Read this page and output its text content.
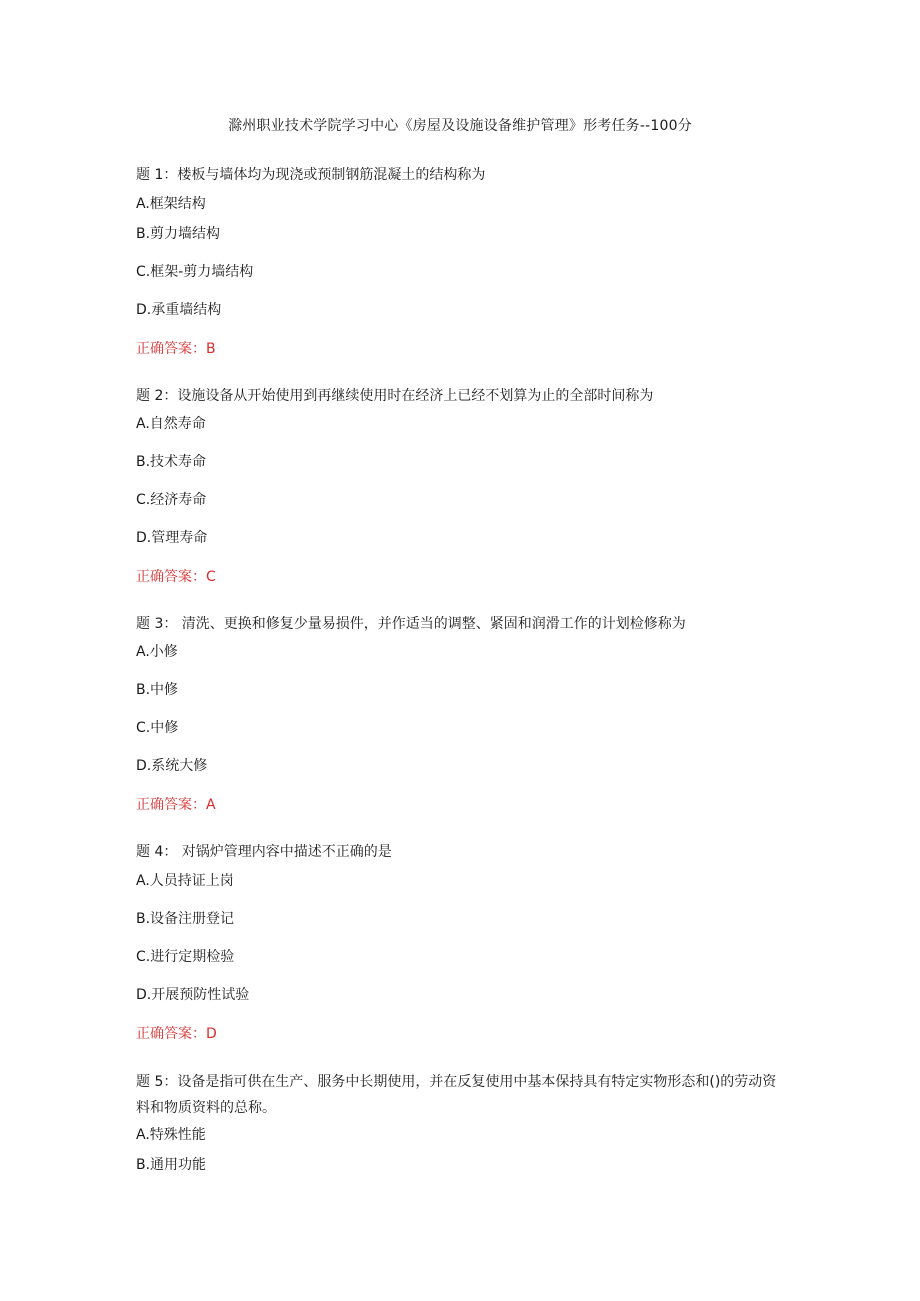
滁州职业技术学院学习中心《房屋及设施设备维护管理》形考任务--100分
题 1：楼板与墙体均为现浇或预制钢筋混凝土的结构称为
A.框架结构
B.剪力墙结构
C.框架-剪力墙结构
D.承重墙结构
正确答案：B
题 2：设施设备从开始使用到再继续使用时在经济上已经不划算为止的全部时间称为
A.自然寿命
B.技术寿命
C.经济寿命
D.管理寿命
正确答案：C
题 3： 清洗、更换和修复少量易损件，并作适当的调整、紧固和润滑工作的计划检修称为
A.小修
B.中修
C.中修
D.系统大修
正确答案：A
题 4： 对锅炉管理内容中描述不正确的是
A.人员持证上岗
B.设备注册登记
C.进行定期检验
D.开展预防性试验
正确答案：D
题 5：设备是指可供在生产、服务中长期使用，并在反复使用中基本保持具有特定实物形态和()的劳动资料和物质资料的总称。
A.特殊性能
B.通用功能
